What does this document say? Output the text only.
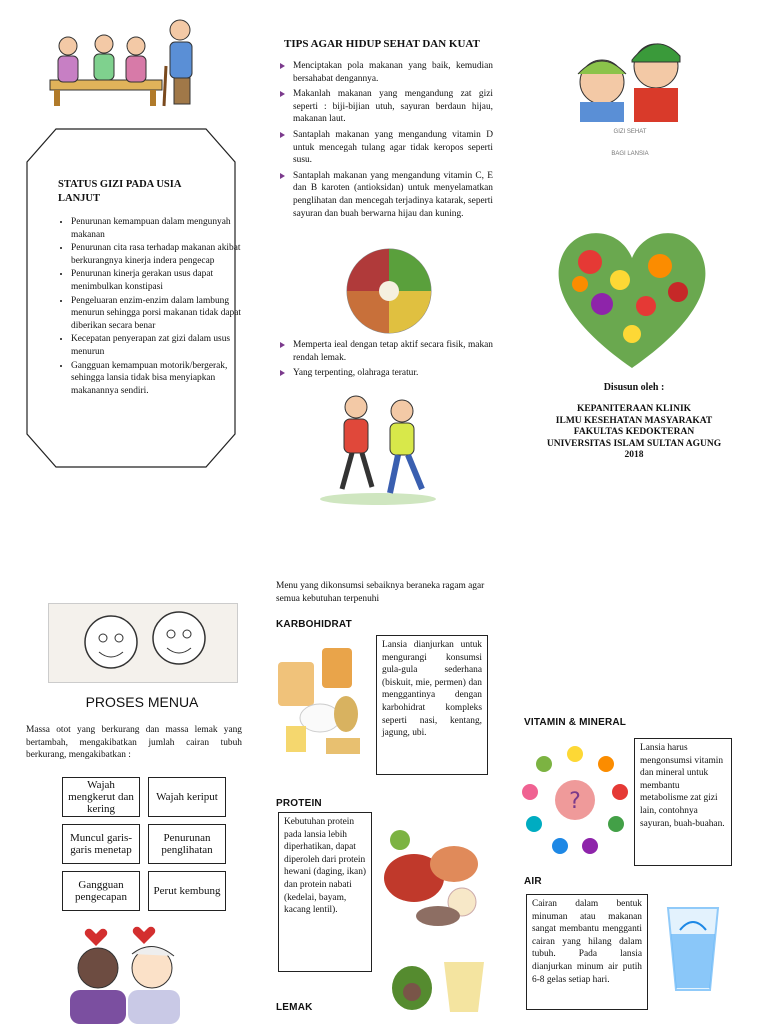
TIPS AGAR HIDUP SEHAT DAN KUAT
Menciptakan pola makanan yang baik, kemudian bersahabat dengannya.
Makanlah makanan yang mengandung zat gizi seperti : biji-bijian utuh, sayuran berdaun hijau, makanan laut.
Santaplah makanan yang mengandung vitamin D untuk mencegah tulang agar tidak keropos seperti susu.
Santaplah makanan yang mengandung vitamin C, E dan B karoten (antioksidan) untuk menyelamatkan penglihatan dan mencegah terjadinya katarak, seperti sayuran dan buah berwarna hijau dan kuning.
Memperta ieal dengan tetap aktif secara fisik, makan rendah lemak.
Yang terpenting, olahraga teratur.
STATUS GIZI PADA USIA LANJUT
• Penurunan kemampuan dalam mengunyah makanan
• Penurunan cita rasa terhadap makanan akibat berkurangnya kinerja indera pengecap
• Penurunan kinerja gerakan usus dapat menimbulkan konstipasi
• Pengeluaran enzim-enzim dalam lambung menurun sehingga porsi makanan tidak dapat diberikan secara benar
• Kecepatan penyerapan zat gizi dalam usus menurun
• Gangguan kemampuan motorik/bergerak, sehingga lansia tidak bisa menyiapkan makanannya sendiri.
GIZI SEHAT
BAGI LANSIA
Disusun oleh :
KEPANITERAAN KLINIK
ILMU KESEHATAN MASYARAKAT
FAKULTAS KEDOKTERAN
UNIVERSITAS ISLAM SULTAN AGUNG
2018
PROSES MENUA
Massa otot yang berkurang dan massa lemak yang bertambah, mengakibatkan jumlah cairan tubuh berkurang, mengakibatkan :
Wajah mengkerut dan kering
Wajah keriput
Muncul garis-garis menetap
Penurunan penglihatan
Gangguan pengecapan	Perut kembung
Menu yang dikonsumsi sebaiknya beraneka ragam agar semua kebutuhan terpenuhi
KARBOHIDRAT
Lansia dianjurkan untuk mengurangi konsumsi gula-gula sederhana (biskuit, mie, permen) dan menggantinya dengan karbohidrat kompleks seperti nasi, kentang, jagung, ubi.
PROTEIN
Kebutuhan protein pada lansia lebih diperhatikan, dapat diperoleh dari protein hewani (daging, ikan) dan protein nabati (kedelai, bayam, kacang lentil).
LEMAK
VITAMIN & MINERAL
?
Lansia harus mengonsumsi vitamin dan mineral untuk membantu metabolisme zat gizi lain, contohnya sayuran, buah-buahan.
AIR
Cairan dalam bentuk minuman atau makanan sangat membantu mengganti cairan yang hilang dalam tubuh. Pada lansia dianjurkan minum air putih 6-8 gelas setiap hari.
